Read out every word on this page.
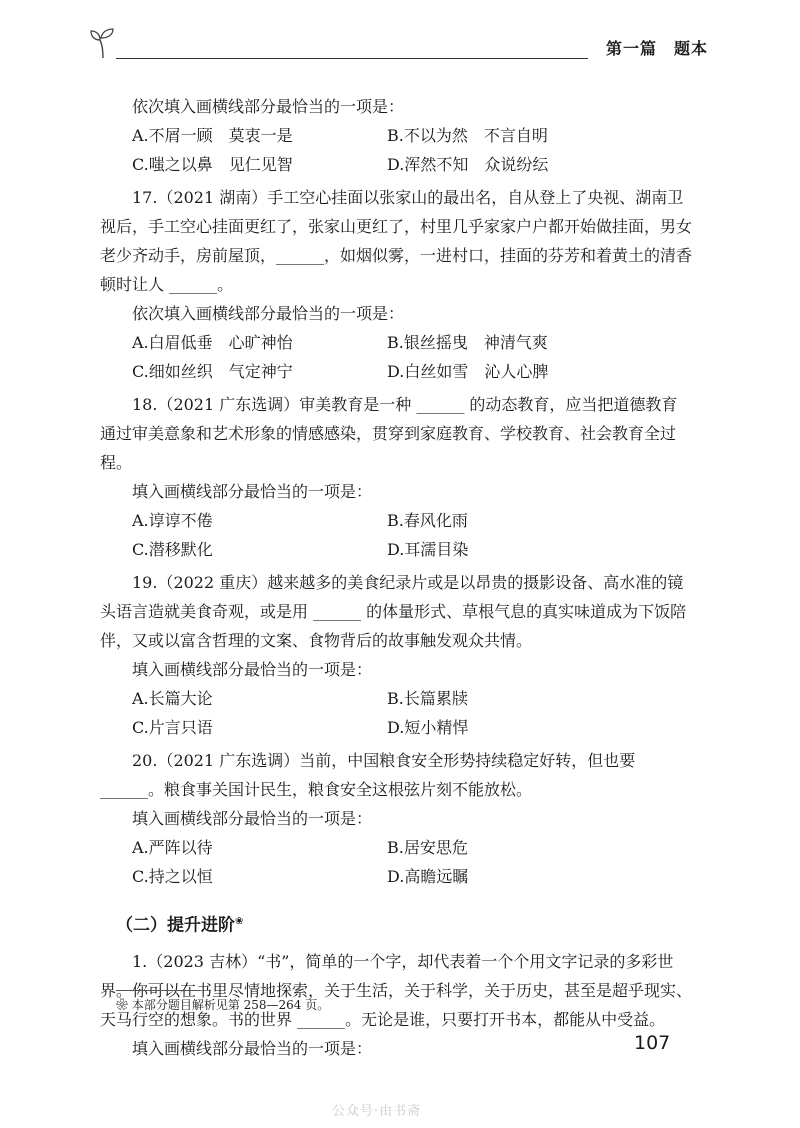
第一篇　题本

依次填入画横线部分最恰当的一项是：

A.不屑一顾　莫衷一是	B.不以为然　不言自明
C.嗤之以鼻　见仁见智	D.浑然不知　众说纷纭

17.（2021 湖南）手工空心挂面以张家山的最出名，自从登上了央视、湖南卫视后，手工空心挂面更红了，张家山更红了，村里几乎家家户户都开始做挂面，男女老少齐动手，房前屋顶，______，如烟似雾，一进村口，挂面的芬芳和着黄土的清香顿时让人 ______。

依次填入画横线部分最恰当的一项是：

A.白眉低垂　心旷神怡	B.银丝摇曳　神清气爽
C.细如丝织　气定神宁	D.白丝如雪　沁人心脾

18.（2021 广东选调）审美教育是一种 ______ 的动态教育，应当把道德教育通过审美意象和艺术形象的情感感染，贯穿到家庭教育、学校教育、社会教育全过程。

填入画横线部分最恰当的一项是：

A.谆谆不倦	B.春风化雨
C.潜移默化	D.耳濡目染

19.（2022 重庆）越来越多的美食纪录片或是以昂贵的摄影设备、高水准的镜头语言造就美食奇观，或是用 ______ 的体量形式、草根气息的真实味道成为下饭陪伴，又或以富含哲理的文案、食物背后的故事触发观众共情。

填入画横线部分最恰当的一项是：

A.长篇大论	B.长篇累牍
C.片言只语	D.短小精悍

20.（2021 广东选调）当前，中国粮食安全形势持续稳定好转，但也要 ______。粮食事关国计民生，粮食安全这根弦片刻不能放松。

填入画横线部分最恰当的一项是：

A.严阵以待	B.居安思危
C.持之以恒	D.高瞻远瞩
（二）提升进阶❀

1.（2023 吉林）“书”，简单的一个字，却代表着一个个用文字记录的多彩世界。你可以在书里尽情地探索，关于生活，关于科学，关于历史，甚至是超乎现实、天马行空的想象。书的世界 ______。无论是谁，只要打开书本，都能从中受益。

填入画横线部分最恰当的一项是：

❀ 本部分题目解析见第 258—264 页。
107
公众号·由书斋
